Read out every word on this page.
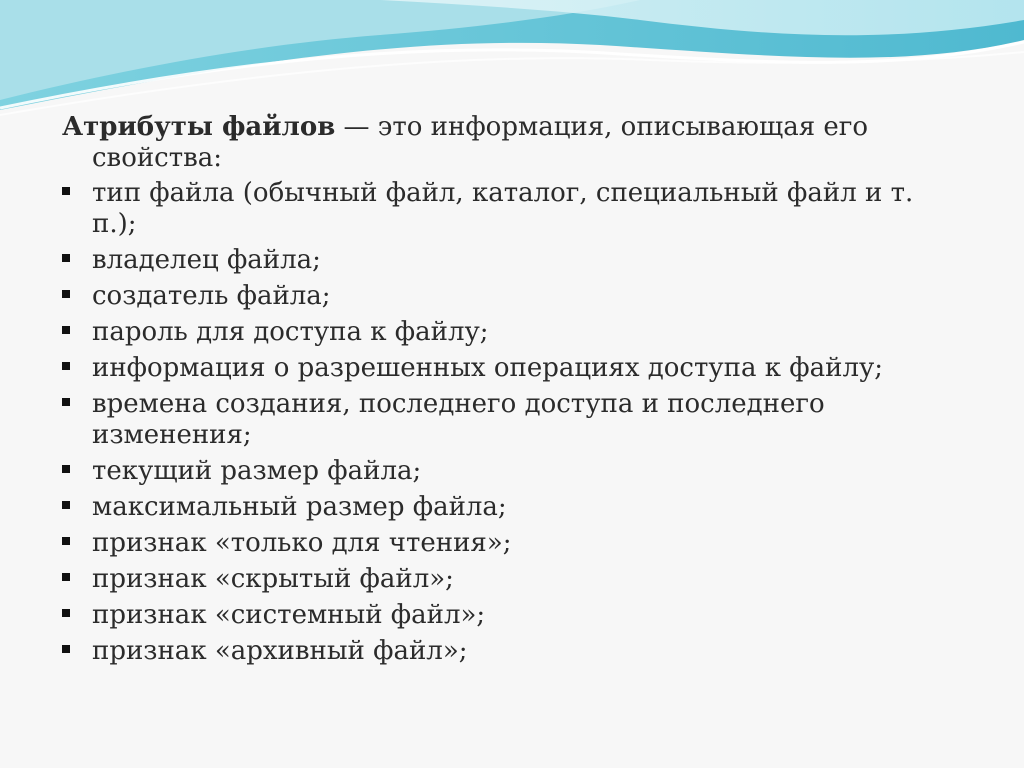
Атрибуты файлов — это информация, описывающая его
свойства:

тип файла (обычный файл, каталог, специальный файл и т.
п.);
владелец файла;
создатель файла;
пароль для доступа к файлу;
информация о разрешенных операциях доступа к файлу;
времена создания, последнего доступа и последнего
изменения;
текущий размер файла;
максимальный размер файла;
признак «только для чтения»;
признак «скрытый файл»;
признак «системный файл»;
признак «архивный файл»;
